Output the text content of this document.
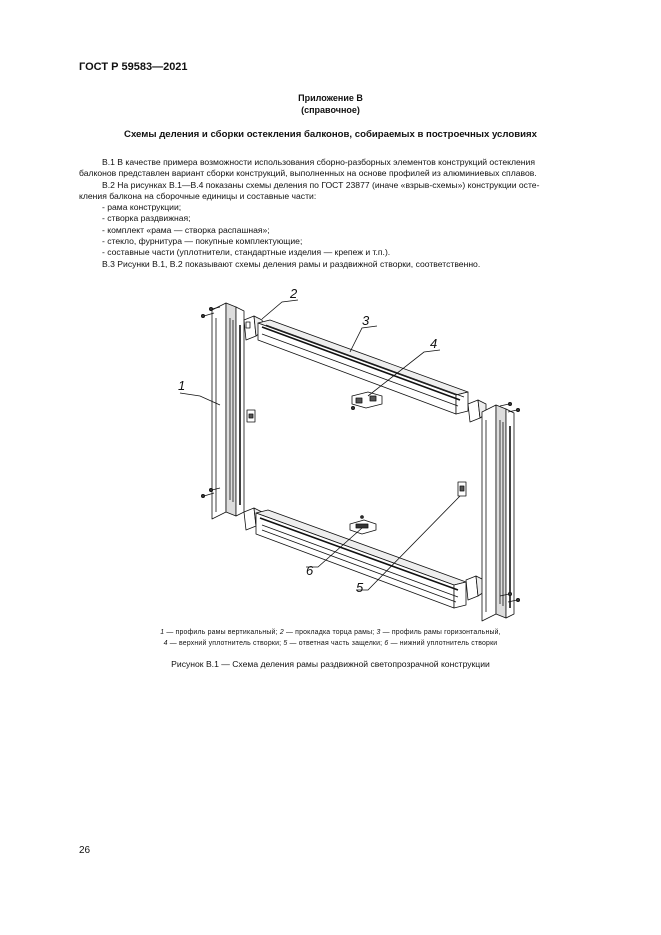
ГОСТ Р 59583—2021
Приложение В
(справочное)
Схемы деления и сборки остекления балконов, собираемых в построечных условиях

В.1 В качестве примера возможности использования сборно-разборных элементов конструкций остекления

балконов представлен вариант сборки конструкций, выполненных на основе профилей из алюминиевых сплавов.

В.2 На рисунках В.1—В.4 показаны схемы деления по ГОСТ 23877 (иначе «взрыв-схемы») конструкции осте-

кления балкона на сборочные единицы и составные части:

- рама конструкции;

- створка раздвижная;

- комплект «рама — створка распашная»;

- стекло, фурнитура — покупные комплектующие;

- составные части (уплотнители, стандартные изделия — крепеж и т.п.).

В.3 Рисунки В.1, В.2 показывают схемы деления рамы и раздвижной створки, соответственно.

1
2
3
4
5
6
1 — профиль рамы вертикальный; 2 — прокладка торца рамы; 3 — профиль рамы горизонтальный,
4 — верхний уплотнитель створки; 5 — ответная часть защелки; 6 — нижний уплотнитель створки
Рисунок В.1 — Схема деления рамы раздвижной светопрозрачной конструкции
26
